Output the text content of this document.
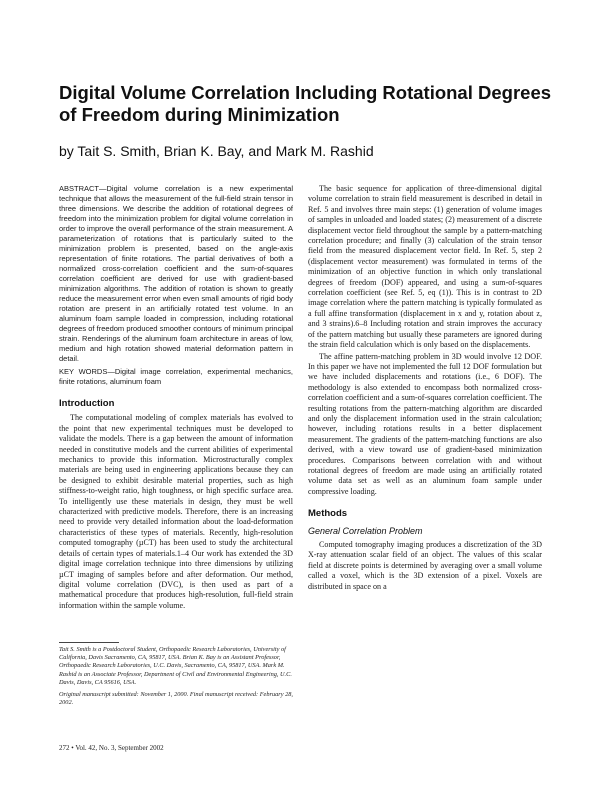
Digital Volume Correlation Including Rotational Degrees of Freedom during Minimization
by Tait S. Smith, Brian K. Bay, and Mark M. Rashid

ABSTRACT—Digital volume correlation is a new experimental technique that allows the measurement of the full-field strain tensor in three dimensions. We describe the addition of rotational degrees of freedom into the minimization problem for digital volume correlation in order to improve the overall performance of the strain measurement. A parameterization of rotations that is particularly suited to the minimization problem is presented, based on the angle-axis representation of finite rotations. The partial derivatives of both a normalized cross-correlation coefficient and the sum-of-squares correlation coefficient are derived for use with gradient-based minimization algorithms. The addition of rotation is shown to greatly reduce the measurement error when even small amounts of rigid body rotation are present in an artificially rotated test volume. In an aluminum foam sample loaded in compression, including rotational degrees of freedom produced smoother contours of minimum principal strain. Renderings of the aluminum foam architecture in areas of low, medium and high rotation showed material deformation pattern in detail.

KEY WORDS—Digital image correlation, experimental mechanics, finite rotations, aluminum foam

Introduction

The computational modeling of complex materials has evolved to the point that new experimental techniques must be developed to validate the models. There is a gap between the amount of information needed in constitutive models and the current abilities of experimental mechanics to provide this information. Microstructurally complex materials are being used in engineering applications because they can be designed to exhibit desirable material properties, such as high stiffness-to-weight ratio, high toughness, or high specific surface area. To intelligently use these materials in design, they must be well characterized with predictive models. Therefore, there is an increasing need to provide very detailed information about the load-deformation characteristics of these types of materials. Recently, high-resolution computed tomography (µCT) has been used to study the architectural details of certain types of materials.1–4 Our work has extended the 3D digital image correlation technique into three dimensions by utilizing µCT imaging of samples before and after deformation. Our method, digital volume correlation (DVC), is then used as part of a mathematical procedure that produces high-resolution, full-field strain information within the sample volume.

The basic sequence for application of three-dimensional digital volume correlation to strain field measurement is described in detail in Ref. 5 and involves three main steps: (1) generation of volume images of samples in unloaded and loaded states; (2) measurement of a discrete displacement vector field throughout the sample by a pattern-matching correlation procedure; and finally (3) calculation of the strain tensor field from the measured displacement vector field. In Ref. 5, step 2 (displacement vector measurement) was formulated in terms of the minimization of an objective function in which only translational degrees of freedom (DOF) appeared, and using a sum-of-squares correlation coefficient (see Ref. 5, eq (1)). This is in contrast to 2D image correlation where the pattern matching is typically formulated as a full affine transformation (displacement in x and y, rotation about z, and 3 strains).6–8 Including rotation and strain improves the accuracy of the pattern matching but usually these parameters are ignored during the strain field calculation which is only based on the displacements.

The affine pattern-matching problem in 3D would involve 12 DOF. In this paper we have not implemented the full 12 DOF formulation but we have included displacements and rotations (i.e., 6 DOF). The methodology is also extended to encompass both normalized cross-correlation coefficient and a sum-of-squares correlation coefficient. The resulting rotations from the pattern-matching algorithm are discarded and only the displacement information used in the strain calculation; however, including rotations results in a better displacement measurement. The gradients of the pattern-matching functions are also derived, with a view toward use of gradient-based minimization procedures. Comparisons between correlation with and without rotational degrees of freedom are made using an artificially rotated volume data set as well as an aluminum foam sample under compressive loading.

Methods
General Correlation Problem

Computed tomography imaging produces a discretization of the 3D X-ray attenuation scalar field of an object. The values of this scalar field at discrete points is determined by averaging over a small volume called a voxel, which is the 3D extension of a pixel. Voxels are distributed in space on a

Tait S. Smith is a Postdoctoral Student, Orthopaedic Research Laboratories, University of California, Davis Sacramento, CA, 95817, USA. Brian K. Bay is an Assistant Professor, Orthopaedic Research Laboratories, U.C. Davis, Sacramento, CA, 95817, USA. Mark M. Rashid is an Associate Professor, Department of Civil and Environmental Engineering, U.C. Davis, Davis, CA 95616, USA.

Original manuscript submitted: November 1, 2000. Final manuscript received: February 28, 2002.

272 • Vol. 42, No. 3, September 2002
